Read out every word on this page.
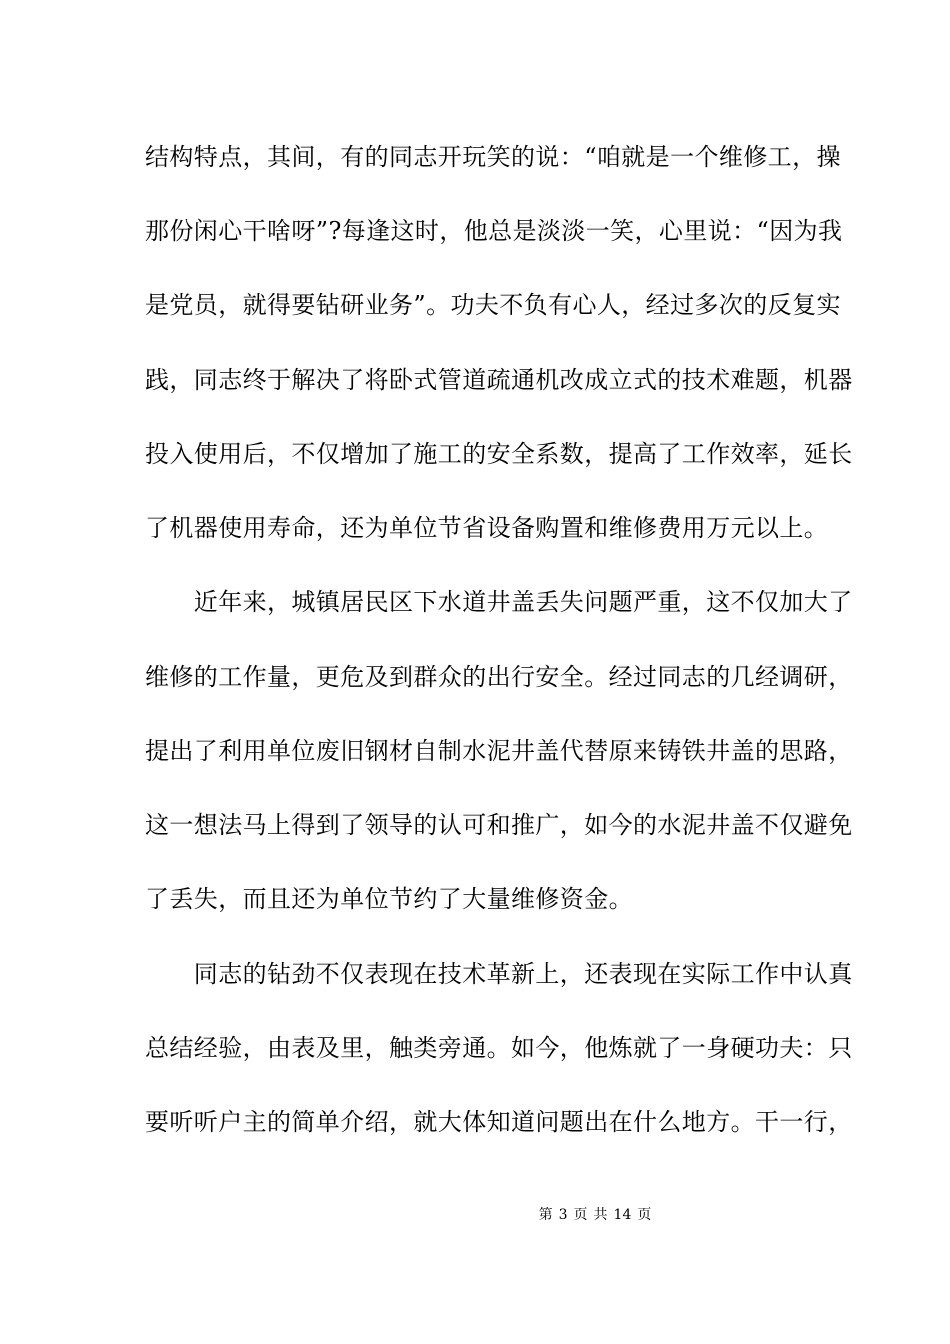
结构特点，其间，有的同志开玩笑的说：“咱就是一个维修工，操
那份闲心干啥呀”?每逢这时，他总是淡淡一笑，心里说：“因为我
是党员，就得要钻研业务”。功夫不负有心人，经过多次的反复实
践，同志终于解决了将卧式管道疏通机改成立式的技术难题，机器
投入使用后，不仅增加了施工的安全系数，提高了工作效率，延长
了机器使用寿命，还为单位节省设备购置和维修费用万元以上。
　　近年来，城镇居民区下水道井盖丢失问题严重，这不仅加大了
维修的工作量，更危及到群众的出行安全。经过同志的几经调研，
提出了利用单位废旧钢材自制水泥井盖代替原来铸铁井盖的思路，
这一想法马上得到了领导的认可和推广，如今的水泥井盖不仅避免
了丢失，而且还为单位节约了大量维修资金。
　　同志的钻劲不仅表现在技术革新上，还表现在实际工作中认真
总结经验，由表及里，触类旁通。如今，他炼就了一身硬功夫：只
要听听户主的简单介绍，就大体知道问题出在什么地方。干一行，
第 3 页 共 14 页
